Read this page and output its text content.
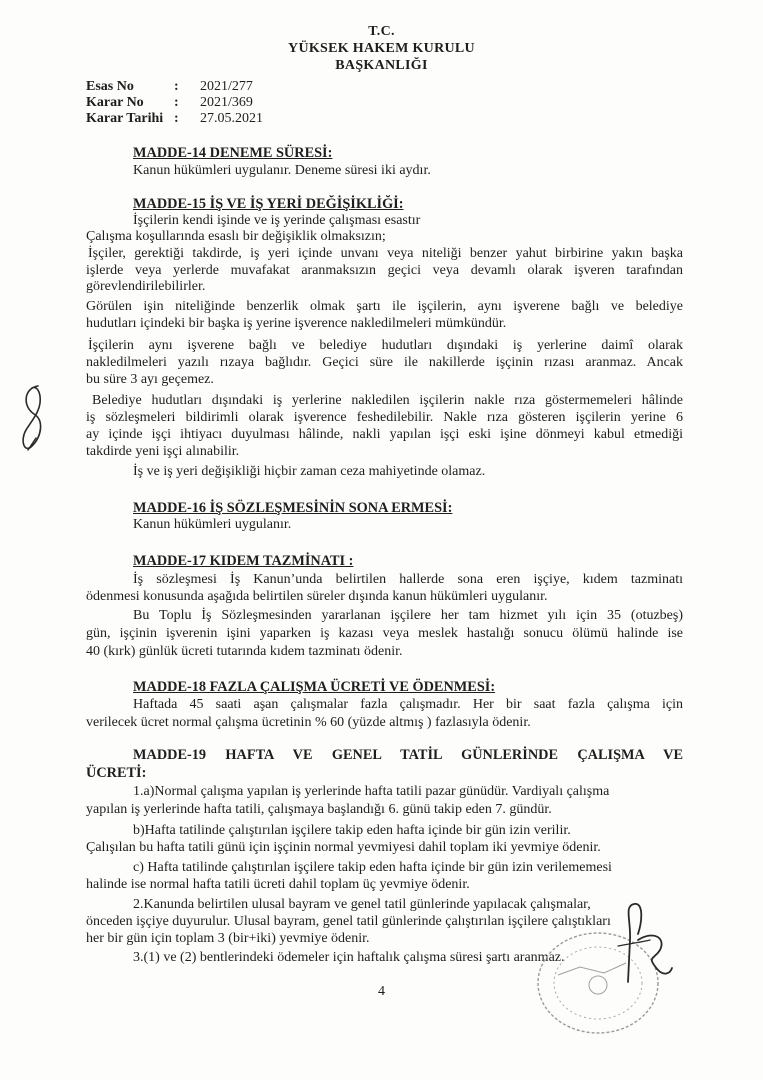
T.C.
YÜKSEK HAKEM KURULU
BAŞKANLIĞI
Esas No	: 2021/277
Karar No : 2021/369
Karar Tarihi : 27.05.2021
MADDE-14 DENEME SÜRESİ:
Kanun hükümleri uygulanır. Deneme süresi iki aydır.
MADDE-15 İŞ VE İŞ YERİ DEĞİŞİKLİĞİ:
İşçilerin kendi işinde ve iş yerinde çalışması esastır
Çalışma koşullarında esaslı bir değişiklik olmaksızın;
İşçiler, gerektiği takdirde, iş yeri içinde unvanı veya niteliği benzer yahut birbirine yakın başka
işlerde veya yerlerde muvafakat aranmaksızın geçici veya devamlı olarak işveren tarafından
görevlendirilebilirler.
Görülen işin niteliğinde benzerlik olmak şartı ile işçilerin, aynı işverene bağlı ve belediye
hudutları içindeki bir başka iş yerine işverence nakledilmeleri mümkündür.
İşçilerin aynı işverene bağlı ve belediye hudutları dışındaki iş yerlerine daimî olarak
nakledilmeleri yazılı rızaya bağlıdır. Geçici süre ile nakillerde işçinin rızası aranmaz. Ancak
bu süre 3 ayı geçemez.
Belediye hudutları dışındaki iş yerlerine nakledilen işçilerin nakle rıza göstermemeleri hâlinde
iş sözleşmeleri bildirimli olarak işverence feshedilebilir. Nakle rıza gösteren işçilerin yerine 6
ay içinde işçi ihtiyacı duyulması hâlinde, nakli yapılan işçi eski işine dönmeyi kabul etmediği
takdirde yeni işçi alınabilir.
İş ve iş yeri değişikliği hiçbir zaman ceza mahiyetinde olamaz.
MADDE-16 İŞ SÖZLEŞMESİNİN SONA ERMESİ:
Kanun hükümleri uygulanır.
MADDE-17 KIDEM TAZMİNATI :
İş sözleşmesi İş Kanun’unda belirtilen hallerde sona eren işçiye, kıdem tazminatı
ödenmesi konusunda aşağıda belirtilen süreler dışında kanun hükümleri uygulanır.
Bu Toplu İş Sözleşmesinden yararlanan işçilere her tam hizmet yılı için 35 (otuzbeş)
gün, işçinin işverenin işini yaparken iş kazası veya meslek hastalığı sonucu ölümü halinde ise
40 (kırk) günlük ücreti tutarında kıdem tazminatı ödenir.
MADDE-18 FAZLA ÇALIŞMA ÜCRETİ VE ÖDENMESİ:
Haftada 45 saati aşan çalışmalar fazla çalışmadır. Her bir saat fazla çalışma için
verilecek ücret normal çalışma ücretinin % 60 (yüzde altmış ) fazlasıyla ödenir.
MADDE-19 HAFTA VE GENEL TATİL GÜNLERİNDE ÇALIŞMA VE
ÜCRETİ:
1.a)Normal çalışma yapılan iş yerlerinde hafta tatili pazar günüdür. Vardiyalı çalışma
yapılan iş yerlerinde hafta tatili, çalışmaya başlandığı 6. günü takip eden 7. gündür.
b)Hafta tatilinde çalıştırılan işçilere takip eden hafta içinde bir gün izin verilir.
Çalışılan bu hafta tatili günü için işçinin normal yevmiyesi dahil toplam iki yevmiye ödenir.
c) Hafta tatilinde çalıştırılan işçilere takip eden hafta içinde bir gün izin verilememesi
halinde ise normal hafta tatili ücreti dahil toplam üç yevmiye ödenir.
2.Kanunda belirtilen ulusal bayram ve genel tatil günlerinde yapılacak çalışmalar,
önceden işçiye duyurulur. Ulusal bayram, genel tatil günlerinde çalıştırılan işçilere çalıştıkları
her bir gün için toplam 3 (bir+iki) yevmiye ödenir.
3.(1) ve (2) bentlerindeki ödemeler için haftalık çalışma süresi şartı aranmaz.
4
